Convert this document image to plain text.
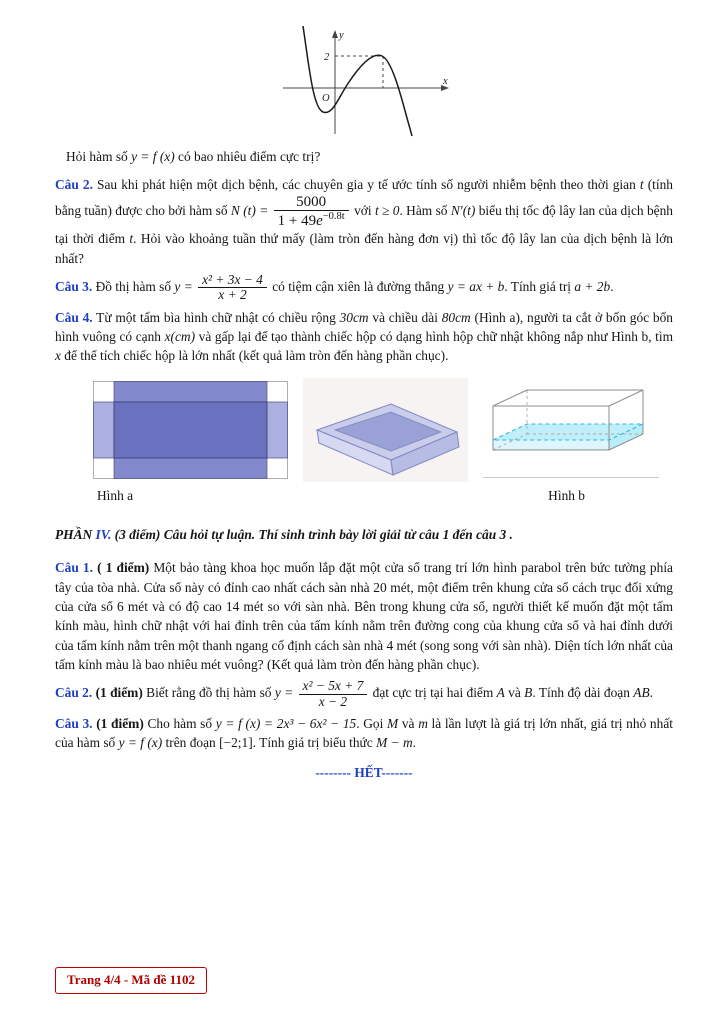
y
x
O
2

Hỏi hàm số y = f (x) có bao nhiêu điểm cực trị?

Câu 2. Sau khi phát hiện một dịch bệnh, các chuyên gia y tế ước tính số người nhiễm bệnh theo thời gian t (tính bằng tuần) được cho bởi hàm số N $(t) = \frac{5000}{1 + 49e^{-0.8t}}$ với t ≥ 0. Hàm số N′(t) biểu thị tốc độ lây lan của dịch bệnh tại thời điểm t. Hỏi vào khoảng tuần thứ mấy (làm tròn đến hàng đơn vị) thì tốc độ lây lan của dịch bệnh là lớn nhất?

Câu 3. Đồ thị hàm số $y = \frac{\text{x² + 3x − 4}}{x + 2}$ có tiệm cận xiên là đường thẳng y = ax + b. Tính giá trị a + 2b.

Câu 4. Từ một tấm bìa hình chữ nhật có chiều rộng 30cm và chiều dài 80cm (Hình a), người ta cắt ở bốn góc bốn hình vuông có cạnh x(cm) và gấp lại để tạo thành chiếc hộp có dạng hình hộp chữ nhật không nắp như Hình b, tìm x để thể tích chiếc hộp là lớn nhất (kết quả làm tròn đến hàng phần chục).

Hình a	Hình b

PHẦN IV. (3 điểm) Câu hỏi tự luận. Thí sinh trình bày lời giải từ câu 1 đến câu 3 .

Câu 1. ( 1 điểm) Một bảo tàng khoa học muốn lắp đặt một cửa sổ trang trí lớn hình parabol trên bức tường phía tây của tòa nhà. Cửa sổ này có đỉnh cao nhất cách sàn nhà 20 mét, một điểm trên khung cửa sổ cách trục đối xứng của cửa sổ 6 mét và có độ cao 14 mét so với sàn nhà. Bên trong khung cửa sổ, người thiết kế muốn đặt một tấm kính màu, hình chữ nhật với hai đỉnh trên của tấm kính nằm trên đường cong của khung cửa sổ và hai đỉnh dưới của tấm kính nằm trên một thanh ngang cố định cách sàn nhà 4 mét (song song với sàn nhà). Diện tích lớn nhất của tấm kính màu là bao nhiêu mét vuông? (Kết quả làm tròn đến hàng phần chục).

Câu 2. (1 điểm) Biết rằng đồ thị hàm số $y = \frac{\text{x² − 5x + 7}}{x - 2}$ đạt cực trị tại hai điểm A và B. Tính độ dài đoạn AB.

Câu 3. (1 điểm) Cho hàm số y = f (x) = 2x³ − 6x² − 15. Gọi M và m là lần lượt là giá trị lớn nhất, giá trị nhỏ nhất của hàm số y = f (x) trên đoạn [−2;1]. Tính giá trị biểu thức M − m.

-------- HẾT-------

Trang 4/4 - Mã đề 1102
